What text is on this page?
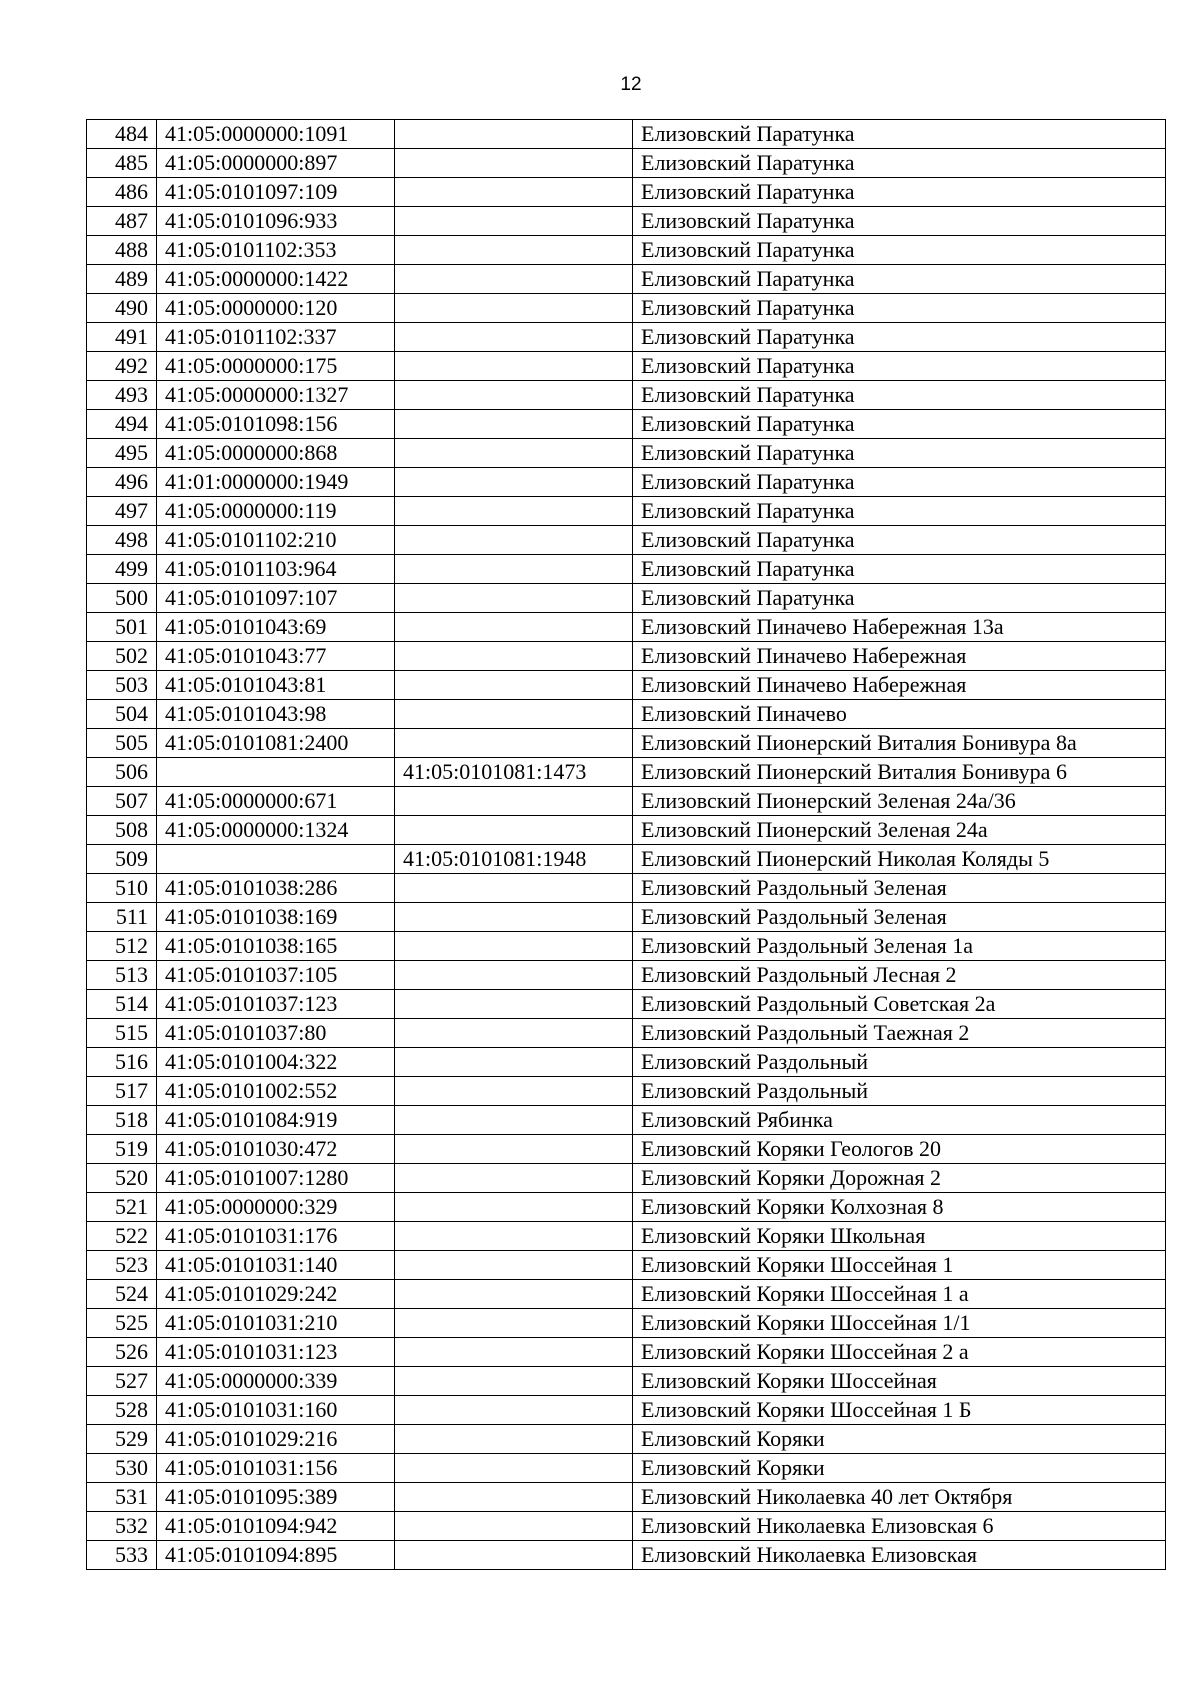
12
484	41:05:0000000:1091		Елизовский Паратунка
485	41:05:0000000:897		Елизовский Паратунка
486	41:05:0101097:109		Елизовский Паратунка
487	41:05:0101096:933		Елизовский Паратунка
488	41:05:0101102:353		Елизовский Паратунка
489	41:05:0000000:1422		Елизовский Паратунка
490	41:05:0000000:120		Елизовский Паратунка
491	41:05:0101102:337		Елизовский Паратунка
492	41:05:0000000:175		Елизовский Паратунка
493	41:05:0000000:1327		Елизовский Паратунка
494	41:05:0101098:156		Елизовский Паратунка
495	41:05:0000000:868		Елизовский Паратунка
496	41:01:0000000:1949		Елизовский Паратунка
497	41:05:0000000:119		Елизовский Паратунка
498	41:05:0101102:210		Елизовский Паратунка
499	41:05:0101103:964		Елизовский Паратунка
500	41:05:0101097:107		Елизовский Паратунка
501	41:05:0101043:69		Елизовский Пиначево Набережная 13а
502	41:05:0101043:77		Елизовский Пиначево Набережная
503	41:05:0101043:81		Елизовский Пиначево Набережная
504	41:05:0101043:98		Елизовский Пиначево
505	41:05:0101081:2400		Елизовский Пионерский Виталия Бонивура 8а
506		41:05:0101081:1473	Елизовский Пионерский Виталия Бонивура 6
507	41:05:0000000:671		Елизовский Пионерский Зеленая 24а/36
508	41:05:0000000:1324		Елизовский Пионерский Зеленая 24а
509		41:05:0101081:1948	Елизовский Пионерский Николая Коляды 5
510	41:05:0101038:286		Елизовский Раздольный Зеленая
511	41:05:0101038:169		Елизовский Раздольный Зеленая
512	41:05:0101038:165		Елизовский Раздольный Зеленая 1а
513	41:05:0101037:105		Елизовский Раздольный Лесная 2
514	41:05:0101037:123		Елизовский Раздольный Советская 2а
515	41:05:0101037:80		Елизовский Раздольный Таежная 2
516	41:05:0101004:322		Елизовский Раздольный
517	41:05:0101002:552		Елизовский Раздольный
518	41:05:0101084:919		Елизовский Рябинка
519	41:05:0101030:472		Елизовский Коряки Геологов 20
520	41:05:0101007:1280		Елизовский Коряки Дорожная 2
521	41:05:0000000:329		Елизовский Коряки Колхозная 8
522	41:05:0101031:176		Елизовский Коряки Школьная
523	41:05:0101031:140		Елизовский Коряки Шоссейная 1
524	41:05:0101029:242		Елизовский Коряки Шоссейная 1 а
525	41:05:0101031:210		Елизовский Коряки Шоссейная 1/1
526	41:05:0101031:123		Елизовский Коряки Шоссейная 2 а
527	41:05:0000000:339		Елизовский Коряки Шоссейная
528	41:05:0101031:160		Елизовский Коряки Шоссейная 1 Б
529	41:05:0101029:216		Елизовский Коряки
530	41:05:0101031:156		Елизовский Коряки
531	41:05:0101095:389		Елизовский Николаевка 40 лет Октября
532	41:05:0101094:942		Елизовский Николаевка Елизовская 6
533	41:05:0101094:895		Елизовский Николаевка Елизовская
